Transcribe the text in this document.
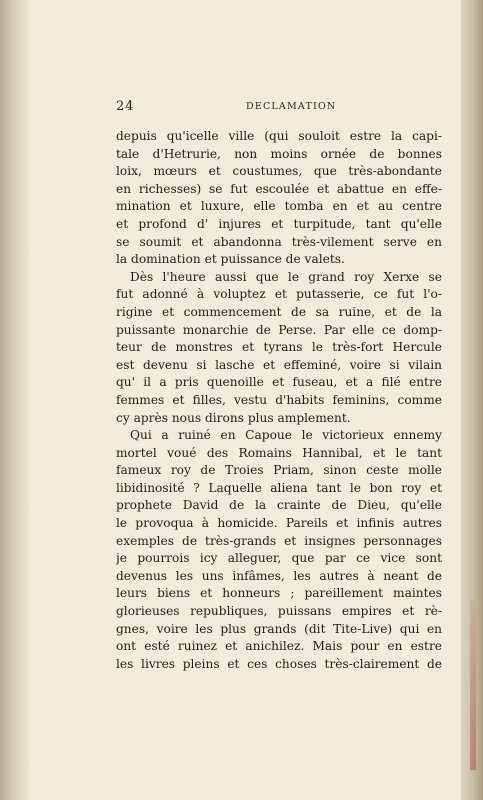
24	DECLAMATION
depuis qu'icelle ville (qui souloit estre la capi-
tale d'Hetrurie, non moins ornée de bonnes
loix, mœurs et coustumes, que très-abondante
en richesses) se fut escoulée et abattue en effe-
mination et luxure, elle tomba en et au centre
et profond d' injures et turpitude, tant qu'elle
se soumit et abandonna très-vilement serve en
la domination et puissance de valets.
Dès l'heure aussi que le grand roy Xerxe se
fut adonné à voluptez et putasserie, ce fut l'o-
rigine et commencement de sa ruine, et de la
puissante monarchie de Perse. Par elle ce domp-
teur de monstres et tyrans le très-fort Hercule
est devenu si lasche et effeminé, voire si vilain
qu' il a pris quenoille et fuseau, et a filé entre
femmes et filles, vestu d'habits feminins, comme
cy après nous dirons plus amplement.
Qui a ruiné en Capoue le victorieux ennemy
mortel voué des Romains Hannibal, et le tant
fameux roy de Troies Priam, sinon ceste molle
libidinosité ? Laquelle aliena tant le bon roy et
prophete David de la crainte de Dieu, qu'elle
le provoqua à homicide. Pareils et infinis autres
exemples de très-grands et insignes personnages
je pourrois icy alleguer, que par ce vice sont
devenus les uns infâmes, les autres à neant de
leurs biens et honneurs ; pareillement maintes
glorieuses republiques, puissans empires et rè-
gnes, voire les plus grands (dit Tite-Live) qui en
ont esté ruinez et anichilez. Mais pour en estre
les livres pleins et ces choses très-clairement de
